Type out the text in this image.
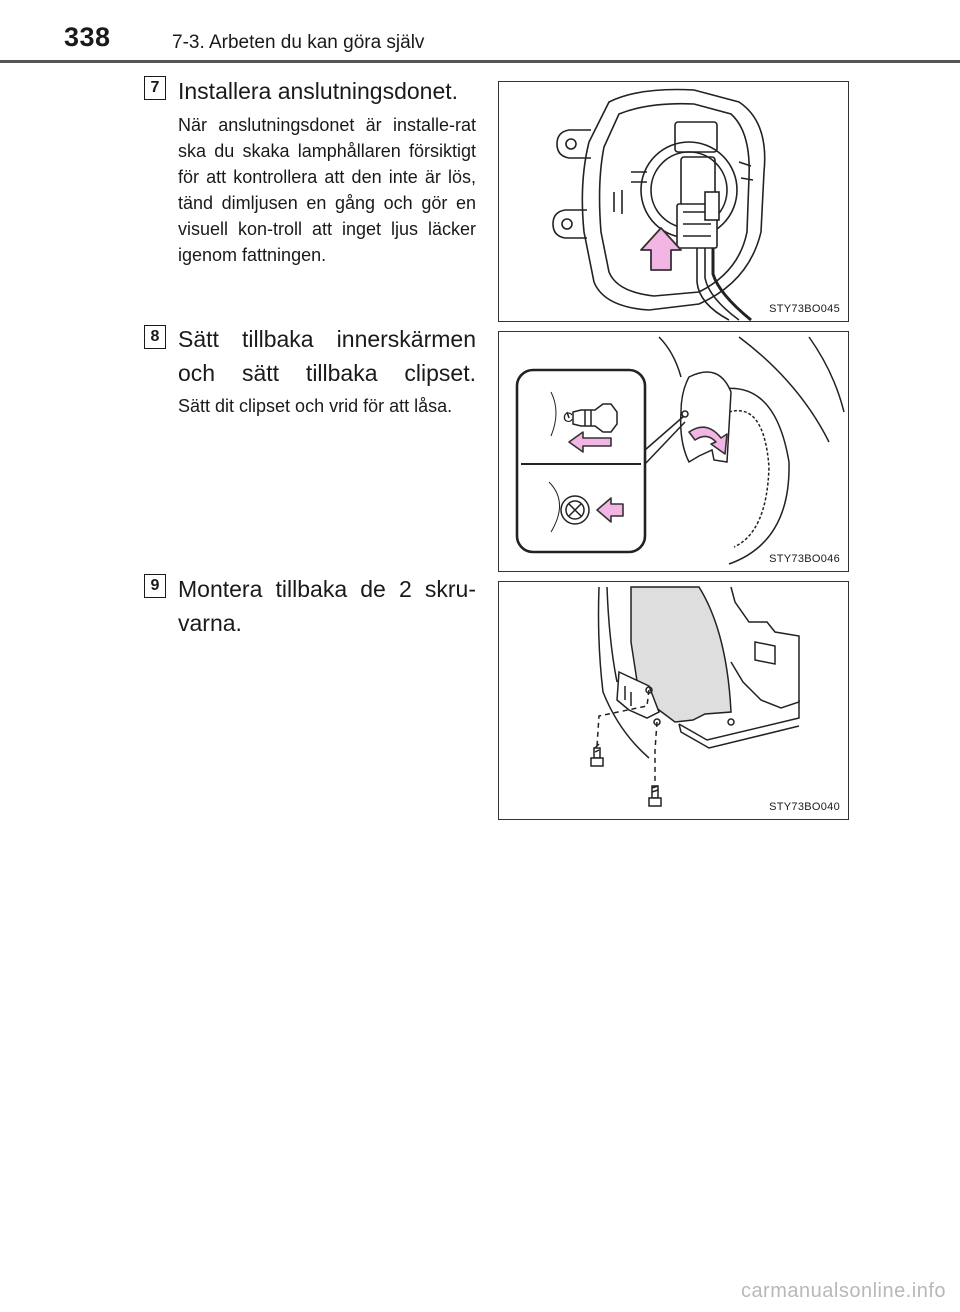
338	7-3. Arbeten du kan göra själv
7 Installera anslutningsdonet.
När anslutningsdonet är installe-rat ska du skaka lamphållaren försiktigt för att kontrollera att den inte är lös, tänd dimljusen en gång och gör en visuell kon-troll att inget ljus läcker igenom fattningen.
STY73BO045
8 Sätt tillbaka innerskärmen och sätt tillbaka clipset.
Sätt dit clipset och vrid för att låsa.
C
STY73BO046
9 Montera tillbaka de 2 skru-varna.
STY73BO040
carmanualsonline.info
